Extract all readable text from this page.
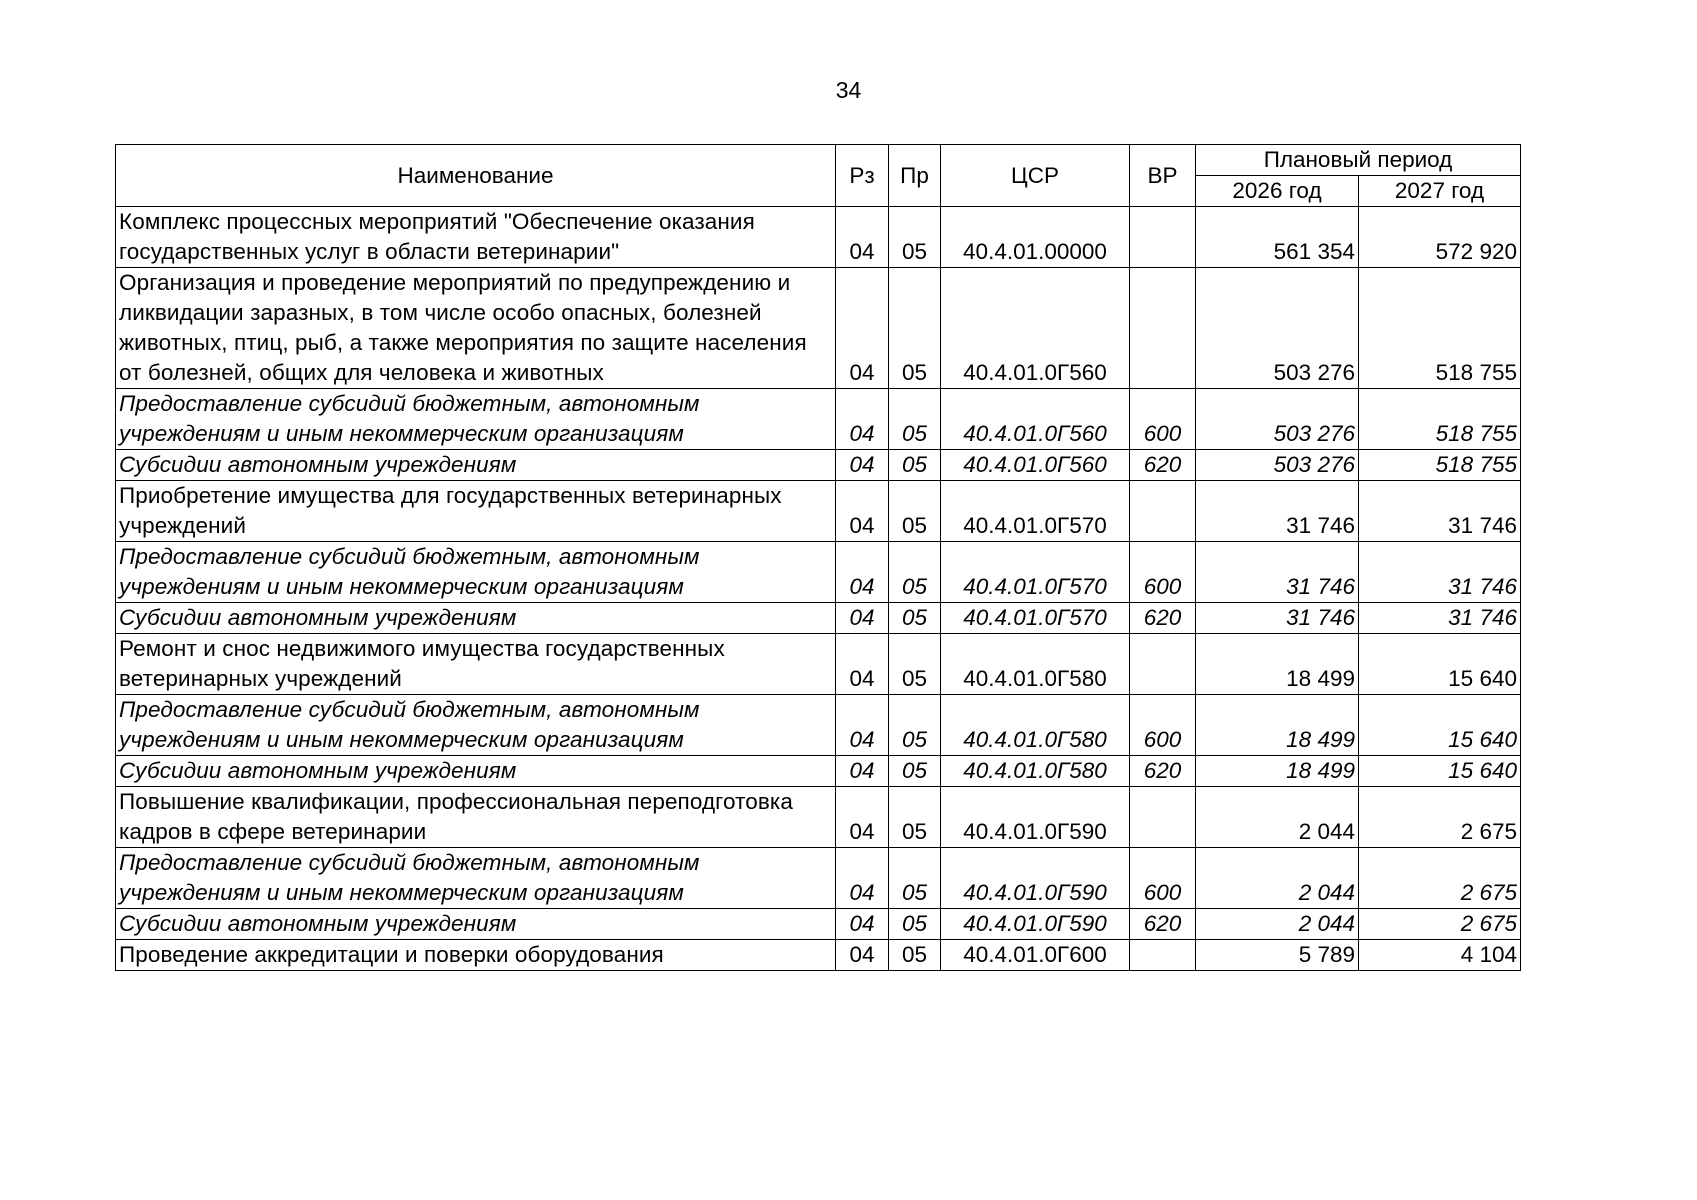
34
Наименование	Рз	Пр	ЦСР	ВР	Плановый период	
					2026 год	2027 год
Комплекс процессных мероприятий "Обеспечение оказания государственных услуг в области ветеринарии"	04	05	40.4.01.00000		561 354	572 920
Организация и проведение мероприятий по предупреждению и ликвидации заразных, в том числе особо опасных, болезней животных, птиц, рыб, а также мероприятия по защите населения от болезней, общих для человека и животных	04	05	40.4.01.0Г560		503 276	518 755
Предоставление субсидий бюджетным, автономным учреждениям и иным некоммерческим организациям	04	05	40.4.01.0Г560	600	503 276	518 755
Субсидии автономным учреждениям	04	05	40.4.01.0Г560	620	503 276	518 755
Приобретение имущества для государственных ветеринарных учреждений	04	05	40.4.01.0Г570		31 746	31 746
Предоставление субсидий бюджетным, автономным учреждениям и иным некоммерческим организациям	04	05	40.4.01.0Г570	600	31 746	31 746
Субсидии автономным учреждениям	04	05	40.4.01.0Г570	620	31 746	31 746
Ремонт и снос недвижимого имущества государственных ветеринарных учреждений	04	05	40.4.01.0Г580		18 499	15 640
Предоставление субсидий бюджетным, автономным учреждениям и иным некоммерческим организациям	04	05	40.4.01.0Г580	600	18 499	15 640
Субсидии автономным учреждениям	04	05	40.4.01.0Г580	620	18 499	15 640
Повышение квалификации, профессиональная переподготовка кадров в сфере ветеринарии	04	05	40.4.01.0Г590		2 044	2 675
Предоставление субсидий бюджетным, автономным учреждениям и иным некоммерческим организациям	04	05	40.4.01.0Г590	600	2 044	2 675
Субсидии автономным учреждениям	04	05	40.4.01.0Г590	620	2 044	2 675
Проведение аккредитации и поверки оборудования	04	05	40.4.01.0Г600		5 789	4 104
